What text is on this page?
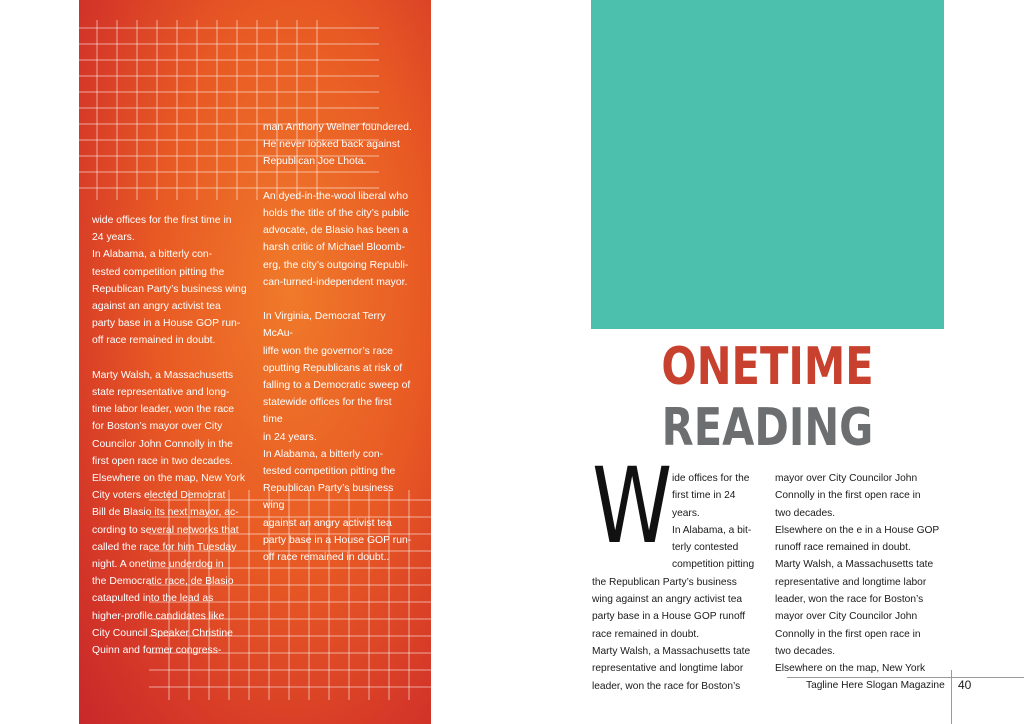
wide offices for the first time in
24 years.
In Alabama, a bitterly con-
tested competition pitting the
Republican Party’s business wing
against an angry activist tea
party base in a House GOP run-
off race remained in doubt.

Marty Walsh, a Massachusetts
state representative and long-
time labor leader, won the race
for Boston’s mayor over City
Councilor John Connolly in the
first open race in two decades.
Elsewhere on the map, New York
City voters elected Democrat
Bill de Blasio its next mayor, ac-
cording to several networks that
called the race for him Tuesday
night. A onetime underdog in
the Democratic race, de Blasio
catapulted into the lead as
higher-profile candidates like
City Council Speaker Christine
Quinn and former congress-

man Anthony Weiner foundered.
He never looked back against
Republican Joe Lhota.

An dyed-in-the-wool liberal who
holds the title of the city’s public
advocate, de Blasio has been a
harsh critic of Michael Bloomb-
erg, the city’s outgoing Republi-
can-turned-independent mayor.

In Virginia, Democrat Terry McAu-
liffe won the governor’s race
oputting Republicans at risk of
falling to a Democratic sweep of
statewide offices for the first time
in 24 years.
In Alabama, a bitterly con-
tested competition pitting the
Republican Party’s business wing
against an angry activist tea
party base in a House GOP run-
off race remained in doubt..

ONETIME
READING
W ide offices for the
first time in 24 years.
In Alabama, a bit-
terly contested
competition pitting

the Republican Party’s business
wing against an angry activist tea
party base in a House GOP runoff
race remained in doubt.
Marty Walsh, a Massachusetts tate
representative and longtime labor
leader, won the race for Boston’s

mayor over City Councilor John
Connolly in the first open race in
two decades.
Elsewhere on the e in a House GOP
runoff race remained in doubt.
Marty Walsh, a Massachusetts tate
representative and longtime labor
leader, won the race for Boston’s
mayor over City Councilor John
Connolly in the first open race in
two decades.
Elsewhere on the map, New York

Tagline Here Slogan Magazine 40
